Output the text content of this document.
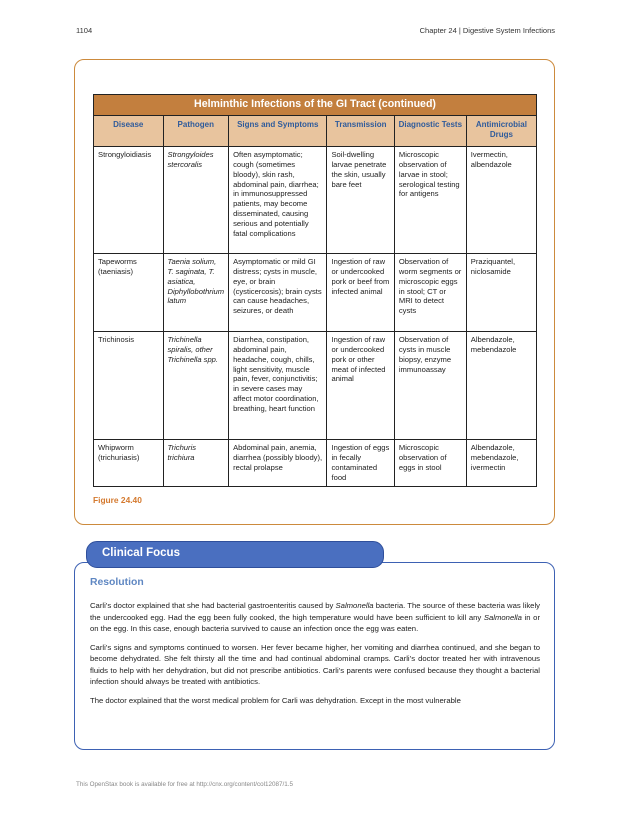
1104	Chapter 24 | Digestive System Infections
Helminthic Infections of the GI Tract (continued)					
Disease	Pathogen	Signs and Symptoms	Transmission	Diagnostic Tests	Antimicrobial Drugs
Strongyloidiasis	Strongyloides stercoralis	Often asymptomatic; cough (sometimes bloody), skin rash, abdominal pain, diarrhea; in immunosuppressed patients, may become disseminated, causing serious and potentially fatal complications	Soil-dwelling larvae penetrate the skin, usually bare feet	Microscopic observation of larvae in stool; serological testing for antigens	Ivermectin, albendazole
Tapeworms (taeniasis)	Taenia solium, T. saginata, T. asiatica, Diphyllobothrium latum	Asymptomatic or mild GI distress; cysts in muscle, eye, or brain (cysticercosis); brain cysts can cause headaches, seizures, or death	Ingestion of raw or undercooked pork or beef from infected animal	Observation of worm segments or microscopic eggs in stool; CT or MRI to detect cysts	Praziquantel, niclosamide
Trichinosis	Trichinella spiralis, other Trichinella spp.	Diarrhea, constipation, abdominal pain, headache, cough, chills, light sensitivity, muscle pain, fever, conjunctivitis; in severe cases may affect motor coordination, breathing, heart function	Ingestion of raw or undercooked pork or other meat of infected animal	Observation of cysts in muscle biopsy, enzyme immunoassay	Albendazole, mebendazole
Whipworm (trichuriasis)	Trichuris trichiura	Abdominal pain, anemia, diarrhea (possibly bloody), rectal prolapse	Ingestion of eggs in fecally contaminated food	Microscopic observation of eggs in stool	Albendazole, mebendazole, ivermectin
Figure 24.40
Clinical Focus
Resolution

Carli’s doctor explained that she had bacterial gastroenteritis caused by Salmonella bacteria. The source of these bacteria was likely the undercooked egg. Had the egg been fully cooked, the high temperature would have been sufficient to kill any Salmonella in or on the egg. In this case, enough bacteria survived to cause an infection once the egg was eaten.

Carli’s signs and symptoms continued to worsen. Her fever became higher, her vomiting and diarrhea continued, and she began to become dehydrated. She felt thirsty all the time and had continual abdominal cramps. Carli’s doctor treated her with intravenous fluids to help with her dehydration, but did not prescribe antibiotics. Carli’s parents were confused because they thought a bacterial infection should always be treated with antibiotics.

The doctor explained that the worst medical problem for Carli was dehydration. Except in the most vulnerable

This OpenStax book is available for free at http://cnx.org/content/col12087/1.5
